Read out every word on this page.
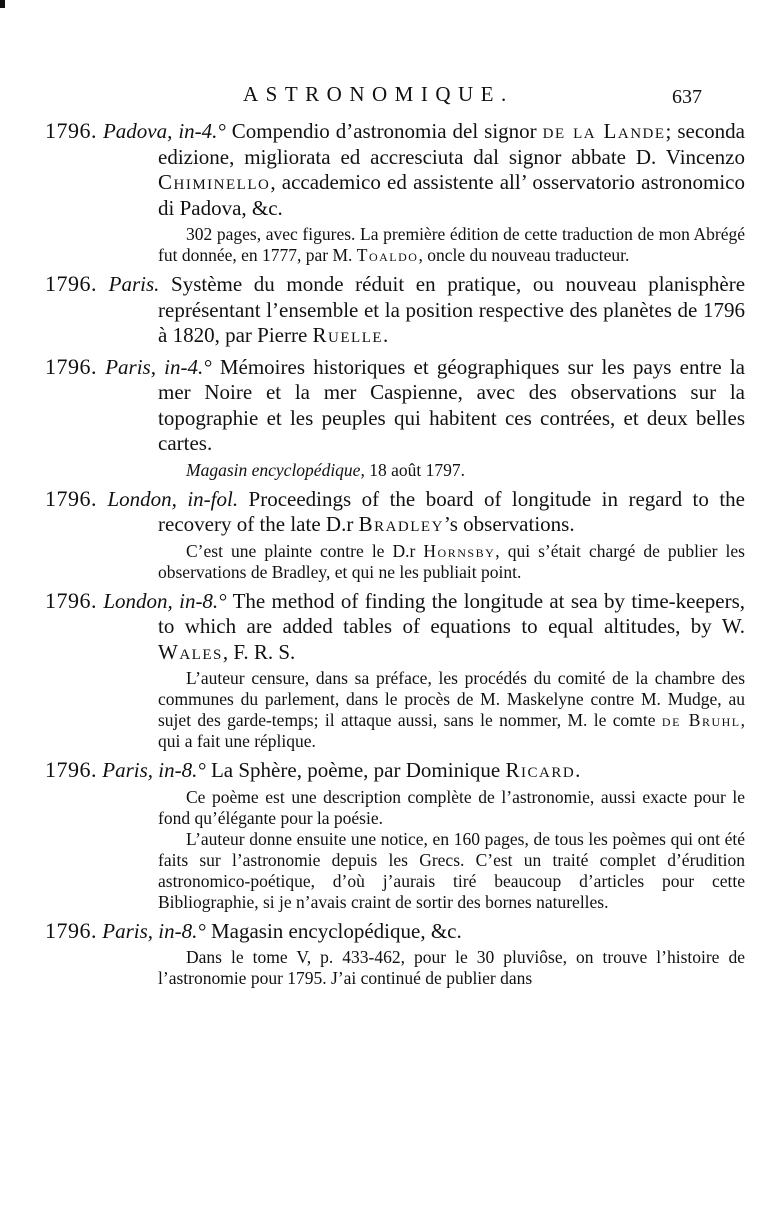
ASTRONOMIQUE.	637

1796. Padova, in-4.° Compendio d’astronomia del signor de la Lande; seconda edizione, migliorata ed accresciuta dal signor abbate D. Vincenzo Chiminello, accademico ed assistente all’ osservatorio astronomico di Padova, &c.

302 pages, avec figures. La première édition de cette traduction de mon Abrégé fut donnée, en 1777, par M. Toaldo, oncle du nouveau traducteur.

1796. Paris. Système du monde réduit en pratique, ou nouveau planisphère représentant l’ensemble et la position respective des planètes de 1796 à 1820, par Pierre Ruelle.

1796. Paris, in-4.° Mémoires historiques et géographiques sur les pays entre la mer Noire et la mer Caspienne, avec des observations sur la topographie et les peuples qui habitent ces contrées, et deux belles cartes.

Magasin encyclopédique, 18 août 1797.

1796. London, in-fol. Proceedings of the board of longitude in regard to the recovery of the late D.r Bradley’s observations.

C’est une plainte contre le D.r Hornsby, qui s’était chargé de publier les observations de Bradley, et qui ne les publiait point.

1796. London, in-8.° The method of finding the longitude at sea by time-keepers, to which are added tables of equations to equal altitudes, by W. Wales, F. R. S.

L’auteur censure, dans sa préface, les procédés du comité de la chambre des communes du parlement, dans le procès de M. Maskelyne contre M. Mudge, au sujet des garde-temps; il attaque aussi, sans le nommer, M. le comte de Bruhl, qui a fait une réplique.

1796. Paris, in-8.° La Sphère, poème, par Dominique Ricard.

Ce poème est une description complète de l’astronomie, aussi exacte pour le fond qu’élégante pour la poésie.

L’auteur donne ensuite une notice, en 160 pages, de tous les poèmes qui ont été faits sur l’astronomie depuis les Grecs. C’est un traité complet d’érudition astronomico-poétique, d’où j’aurais tiré beaucoup d’articles pour cette Bibliographie, si je n’avais craint de sortir des bornes naturelles.

1796. Paris, in-8.° Magasin encyclopédique, &c.

Dans le tome V, p. 433-462, pour le 30 pluviôse, on trouve l’histoire de l’astronomie pour 1795. J’ai continué de publier dans
